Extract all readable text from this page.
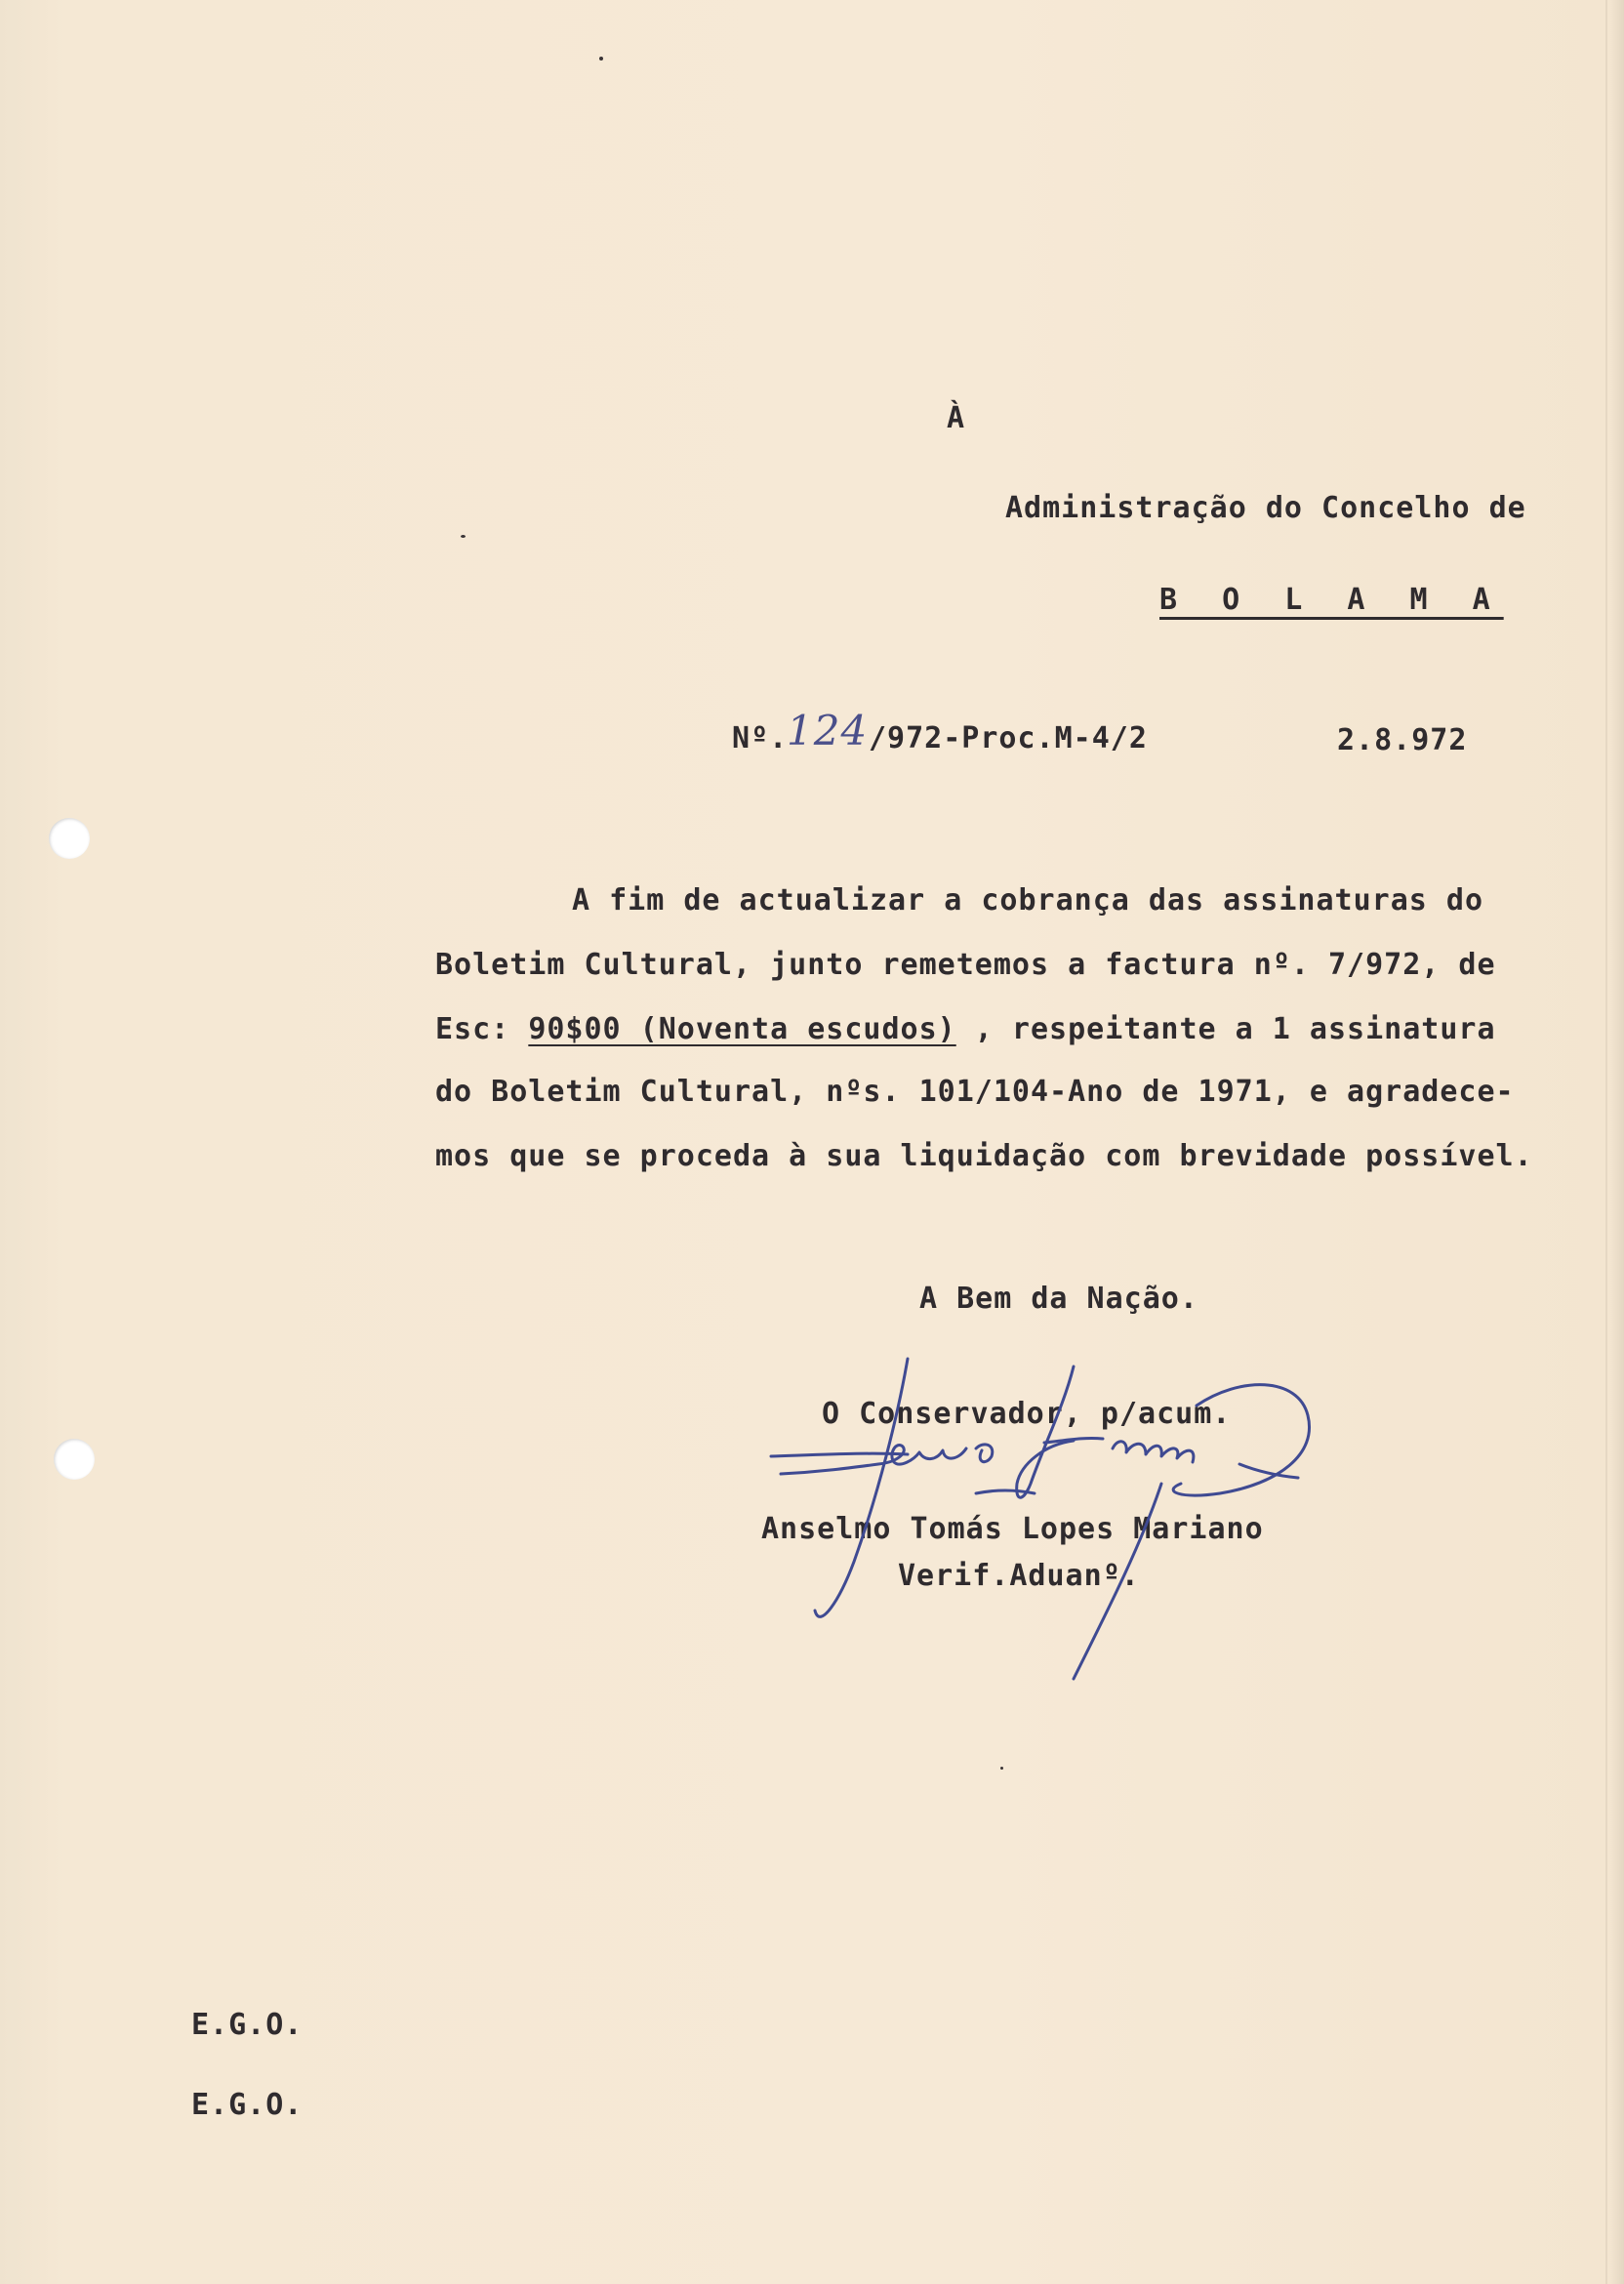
À
Administração do Concelho de
B O L A M A
Nº.
124 /972-Proc.M-4/2	2.8.972
A fim de actualizar a cobrança das assinaturas do
Boletim Cultural, junto remetemos a factura nº. 7/972, de
Esc: 90$00 (Noventa escudos) , respeitante a 1 assinatura
do Boletim Cultural, nºs. 101/104-Ano de 1971, e agradece-
mos que se proceda à sua liquidação com brevidade possível.
A Bem da Nação.
O Conservador, p/acum.
Anselmo Tomás Lopes Mariano
Verif.Aduanº.
E.G.O.
E.G.O.
